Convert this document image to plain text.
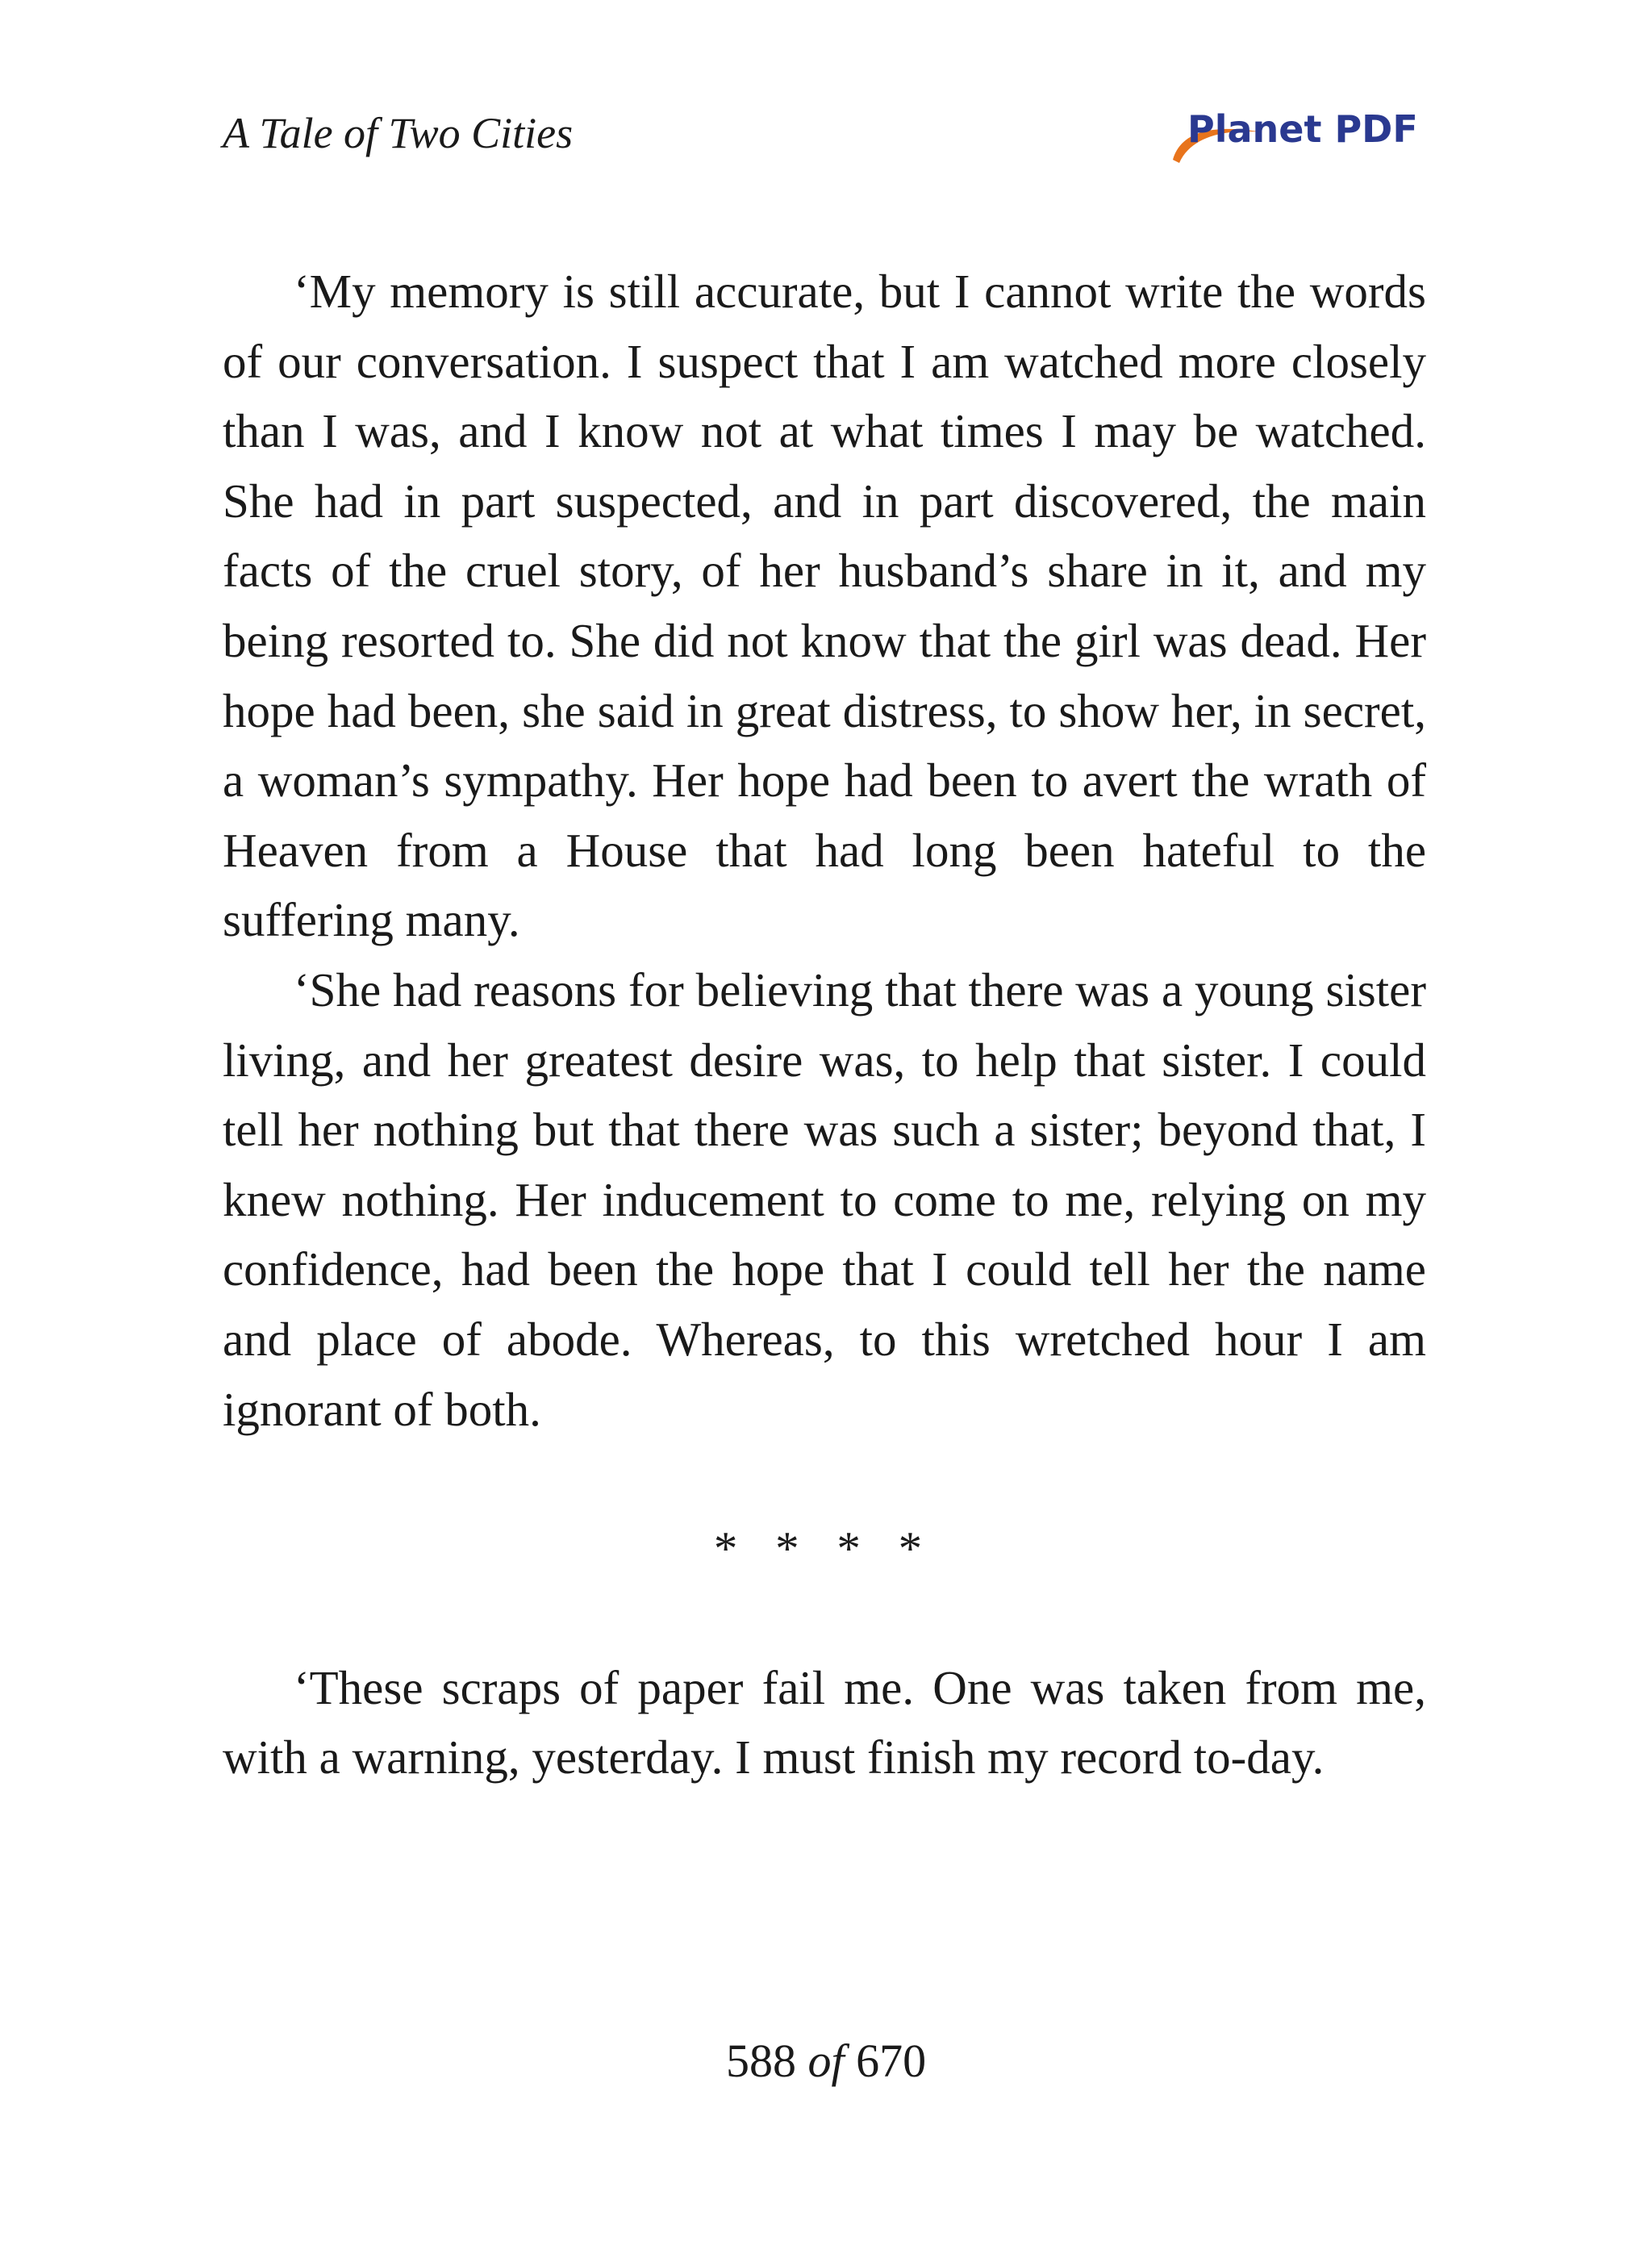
A Tale of Two Cities	Planet PDF

‘My memory is still accurate, but I cannot write the words of our conversation. I suspect that I am watched more closely than I was, and I know not at what times I may be watched. She had in part suspected, and in part discovered, the main facts of the cruel story, of her husband’s share in it, and my being resorted to. She did not know that the girl was dead. Her hope had been, she said in great distress, to show her, in secret, a woman’s sympathy. Her hope had been to avert the wrath of Heaven from a House that had long been hateful to the suffering many.

‘She had reasons for believing that there was a young sister living, and her greatest desire was, to help that sister. I could tell her nothing but that there was such a sister; beyond that, I knew nothing. Her inducement to come to me, relying on my confidence, had been the hope that I could tell her the name and place of abode. Whereas, to this wretched hour I am ignorant of both.

* * * *

‘These scraps of paper fail me. One was taken from me, with a warning, yesterday. I must finish my record to-day.

588 of 670
